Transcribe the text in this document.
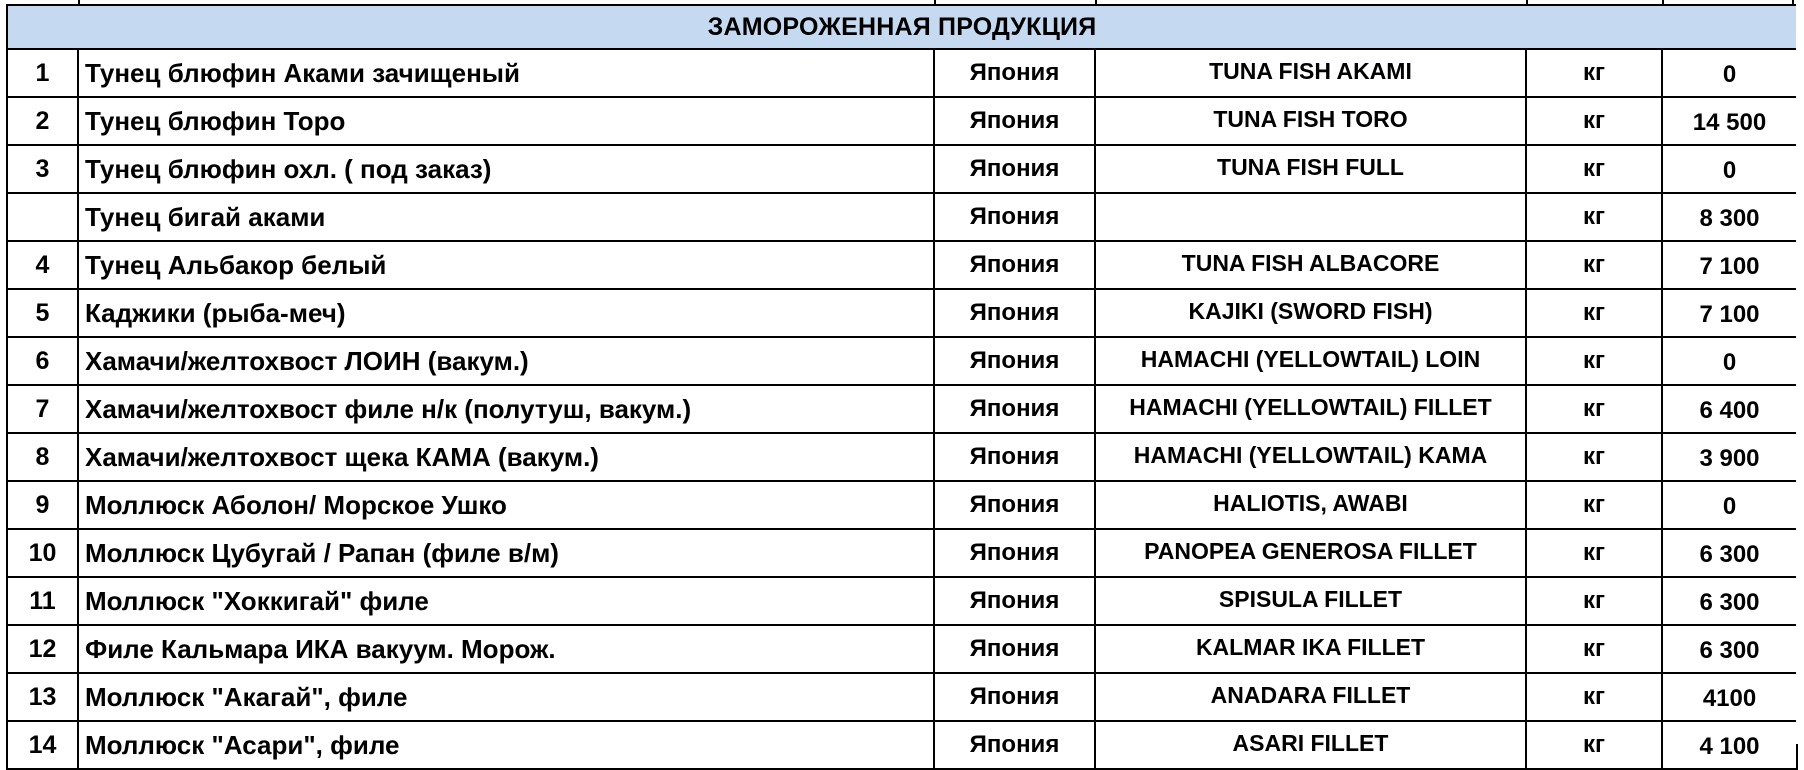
ЗАМОРОЖЕННАЯ ПРОДУКЦИЯ					
1	Тунец блюфин Аками зачищеный	Япония	TUNA FISH AKAMI	кг	0
2	Тунец блюфин Торо	Япония	TUNA FISH TORO	кг	14 500
3	Тунец блюфин охл. ( под заказ)	Япония	TUNA FISH FULL	кг	0
	Тунец бигай аками	Япония		кг	8 300
4	Тунец Альбакор белый	Япония	TUNA FISH ALBACORE	кг	7 100
5	Каджики (рыба-меч)	Япония	KAJIKI (SWORD FISH)	кг	7 100
6	Хамачи/желтохвост ЛОИН (вакум.)	Япония	HAMACHI (YELLOWTAIL) LOIN	кг	0
7	Хамачи/желтохвост филе н/к (полутуш, вакум.)	Япония	HAMACHI (YELLOWTAIL) FILLET	кг	6 400
8	Хамачи/желтохвост щека КАМА (вакум.)	Япония	HAMACHI (YELLOWTAIL) KAMA	кг	3 900
9	Моллюск Аболон/ Морское Ушко	Япония	HALIOTIS, AWABI	кг	0
10	Моллюск Цубугай / Рапан (филе в/м)	Япония	PANOPEA GENEROSA FILLET	кг	6 300
11	Моллюск "Хоккигай" филе	Япония	SPISULA FILLET	кг	6 300
12	Филе Кальмара ИКА вакуум. Морож.	Япония	KALMAR IKA FILLET	кг	6 300
13	Моллюск "Акагай", филе	Япония	ANADARA FILLET	кг	4100
14	Моллюск "Асари", филе	Япония	ASARI FILLET	кг	4 100
